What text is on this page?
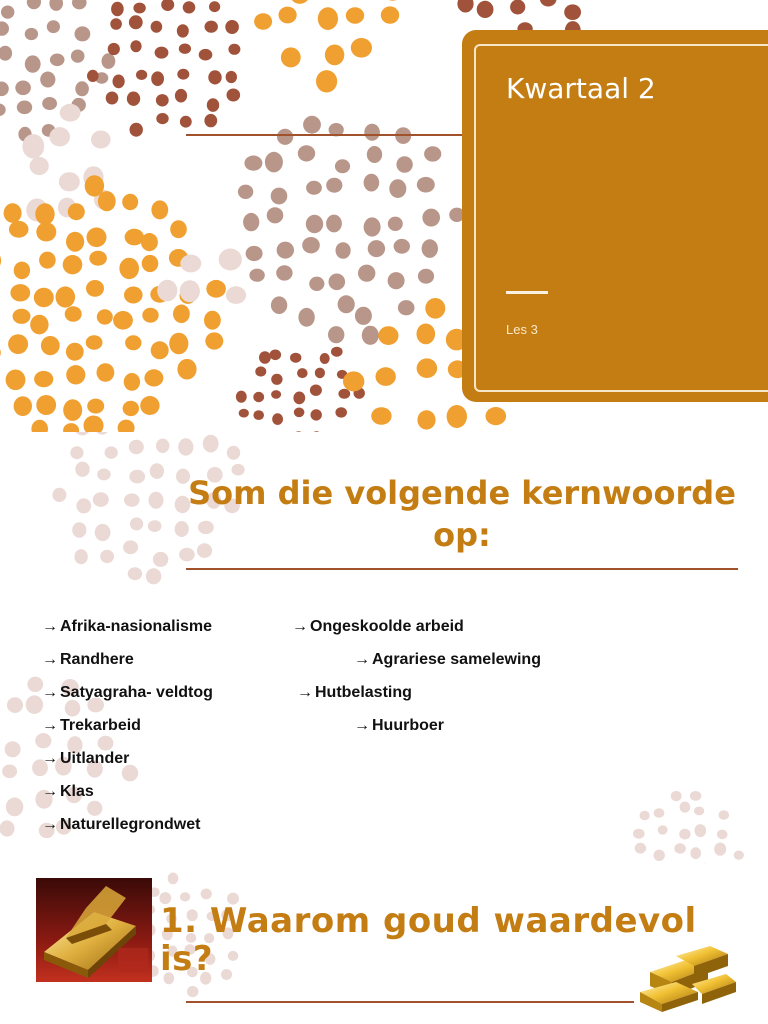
Kwartaal 2

Les 3

Som die volgende kernwoorde op:
→ Afrika-nasionalisme	→ Ongeskoolde arbeid
→ Randhere	→ Agrariese samelewing
→ Satyagraha- veldtog	→ Hutbelasting
→ Trekarbeid	→ Huurboer
→ Uitlander
→ Klas
→ Naturellegrondwet
1. Waarom goud waardevol is?
